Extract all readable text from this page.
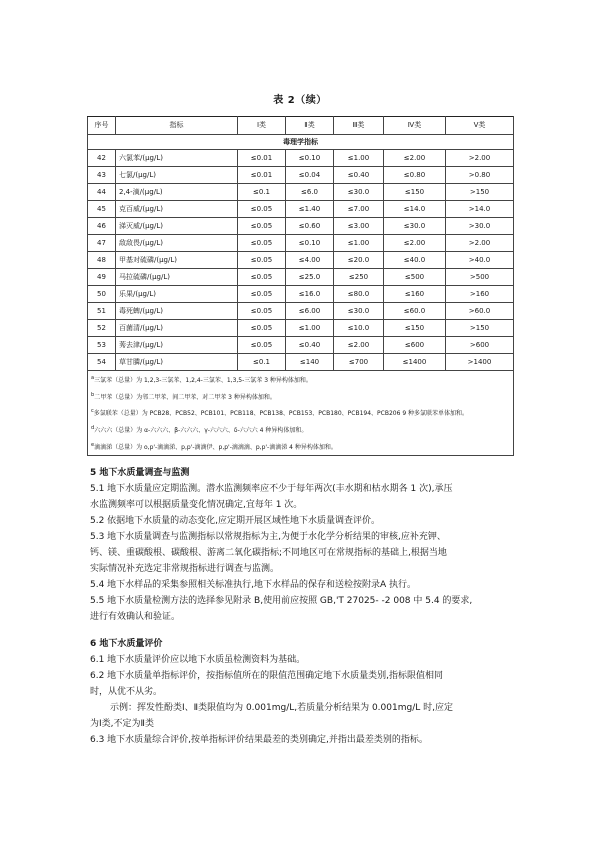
表 2（续）
序号	指标	Ⅰ类	Ⅱ类	Ⅲ类	Ⅳ类	Ⅴ类
毒理学指标						
42	六氯苯/(μg/L)	≤0.01	≤0.10	≤1.00	≤2.00	>2.00
43	七氯/(μg/L)	≤0.01	≤0.04	≤0.40	≤0.80	>0.80
44	2,4-滴/(μg/L)	≤0.1	≤6.0	≤30.0	≤150	>150
45	克百威/(μg/L)	≤0.05	≤1.40	≤7.00	≤14.0	>14.0
46	涕灭威/(μg/L)	≤0.05	≤0.60	≤3.00	≤30.0	>30.0
47	敌敌畏/(μg/L)	≤0.05	≤0.10	≤1.00	≤2.00	>2.00
48	甲基对硫磷/(μg/L)	≤0.05	≤4.00	≤20.0	≤40.0	>40.0
49	马拉硫磷/(μg/L)	≤0.05	≤25.0	≤250	≤500	>500
50	乐果/(μg/L)	≤0.05	≤16.0	≤80.0	≤160	>160
51	毒死蜱/(μg/L)	≤0.05	≤6.00	≤30.0	≤60.0	>60.0
52	百菌清/(μg/L)	≤0.05	≤1.00	≤10.0	≤150	>150
53	莠去津/(μg/L)	≤0.05	≤0.40	≤2.00	≤600	>600
54	草甘膦/(μg/L)	≤0.1	≤140	≤700	≤1400	>1400

$^a$三氯苯（总量）为 1,2,3-三氯苯、1,2,4-三氯苯、1,3,5-三氯苯 3 种异构体加和。
$^b$二甲苯（总量）为邻二甲苯、间二甲苯、对二甲苯 3 种异构体加和。
$^c$多氯联苯（总量）为 PCB28、PCB52、PCB101、PCB118、PCB138、PCB153、PCB180、PCB194、PCB206 9 种多氯联苯单体加和。
$^d$六六六（总量）为 α-六六六、β-六六六、γ-六六六、δ-六六六 4 种异构体加和。
$^e$滴滴涕（总量）为 o,p'-滴滴涕、p,p'-滴滴伊、p,p'-滴滴滴、p,p'-滴滴涕 4 种异构体加和。						
5 地下水质量调查与监测
5.1 地下水质量应定期监测。潜水监测频率应不少于每年两次(丰水期和枯水期各 1 次),承压
水监测频率可以根据质量变化情况确定,宜每年 1 次。
5.2 依据地下水质量的动态变化,应定期开展区域性地下水质量调查评价。
5.3 地下水质量调查与监测指标以常规指标为主,为便于水化学分析结果的审核,应补充钾、
钙、镁、重碳酸根、碳酸根、游离二氧化碳指标;不同地区可在常规指标的基础上,根据当地
实际情况补充选定非常规指标进行调查与监测。
5.4 地下水样品的采集参照相关标准执行,地下水样品的保存和送检按附录A 执行。
5.5 地下水质量检测方法的选择参见附录 B,使用前应按照 GB,'T 27025- -2 008 中 5.4 的要求,
进行有效确认和验证。
6 地下水质量评价
6.1 地下水质量评价应以地下水质虽检测资料为基础。
6.2 地下水质量单指标评价，按指标值所在的限值范围确定地下水质量类别,指标限值相同
时，从优不从劣。
示例：挥发性酚类Ⅰ、Ⅱ类限值均为 0.001mg/L,若质量分析结果为 0.001mg/L 时,应定
为Ⅰ类,不定为Ⅱ类
6.3 地下水质量综合评价,按单指标评价结果最差的类别确定,并指出最差类别的指标。
